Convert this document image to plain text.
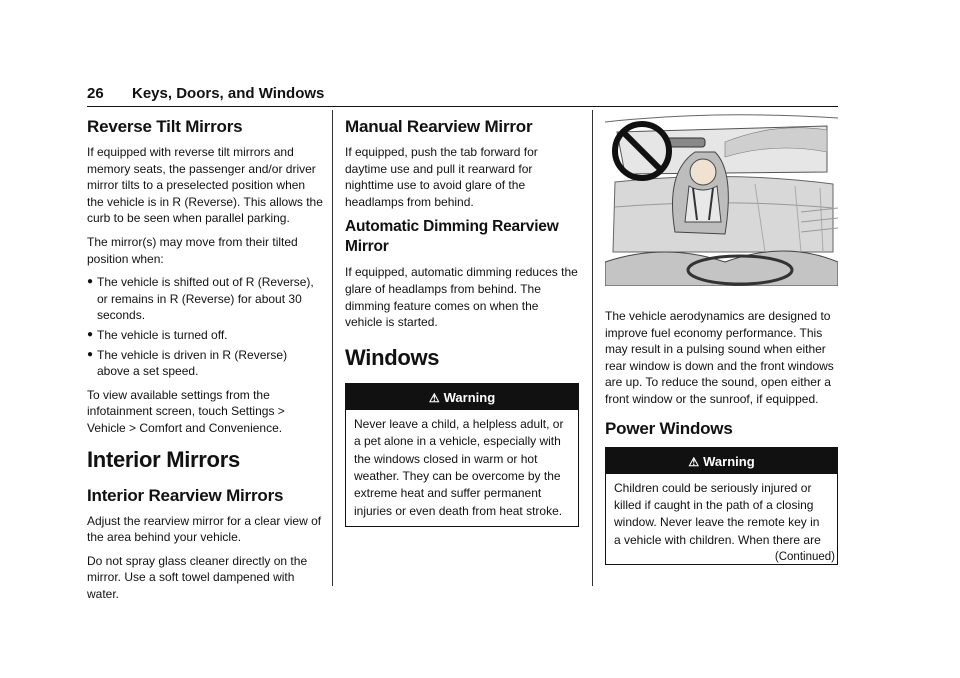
26 Keys, Doors, and Windows
Reverse Tilt Mirrors

If equipped with reverse tilt mirrors and memory seats, the passenger and/or driver mirror tilts to a preselected position when the vehicle is in R (Reverse). This allows the curb to be seen when parallel parking.

The mirror(s) may move from their tilted position when:

● The vehicle is shifted out of R (Reverse), or remains in R (Reverse) for about 30 seconds.
● The vehicle is turned off.
● The vehicle is driven in R (Reverse) above a set speed.

To view available settings from the infotainment screen, touch Settings > Vehicle > Comfort and Convenience.

Interior Mirrors
Interior Rearview Mirrors

Adjust the rearview mirror for a clear view of the area behind your vehicle.

Do not spray glass cleaner directly on the mirror. Use a soft towel dampened with water.

Manual Rearview Mirror

If equipped, push the tab forward for daytime use and pull it rearward for nighttime use to avoid glare of the headlamps from behind.

Automatic Dimming Rearview Mirror

If equipped, automatic dimming reduces the glare of headlamps from behind. The dimming feature comes on when the vehicle is started.

Windows
⚠ Warning
Never leave a child, a helpless adult, or a pet alone in a vehicle, especially with the windows closed in warm or hot weather. They can be overcome by the extreme heat and suffer permanent injuries or even death from heat stroke.

The vehicle aerodynamics are designed to improve fuel economy performance. This may result in a pulsing sound when either rear window is down and the front windows are up. To reduce the sound, open either a front window or the sunroof, if equipped.

Power Windows
⚠ Warning
Children could be seriously injured or killed if caught in the path of a closing window. Never leave the remote key in a vehicle with children. When there are
(Continued)
